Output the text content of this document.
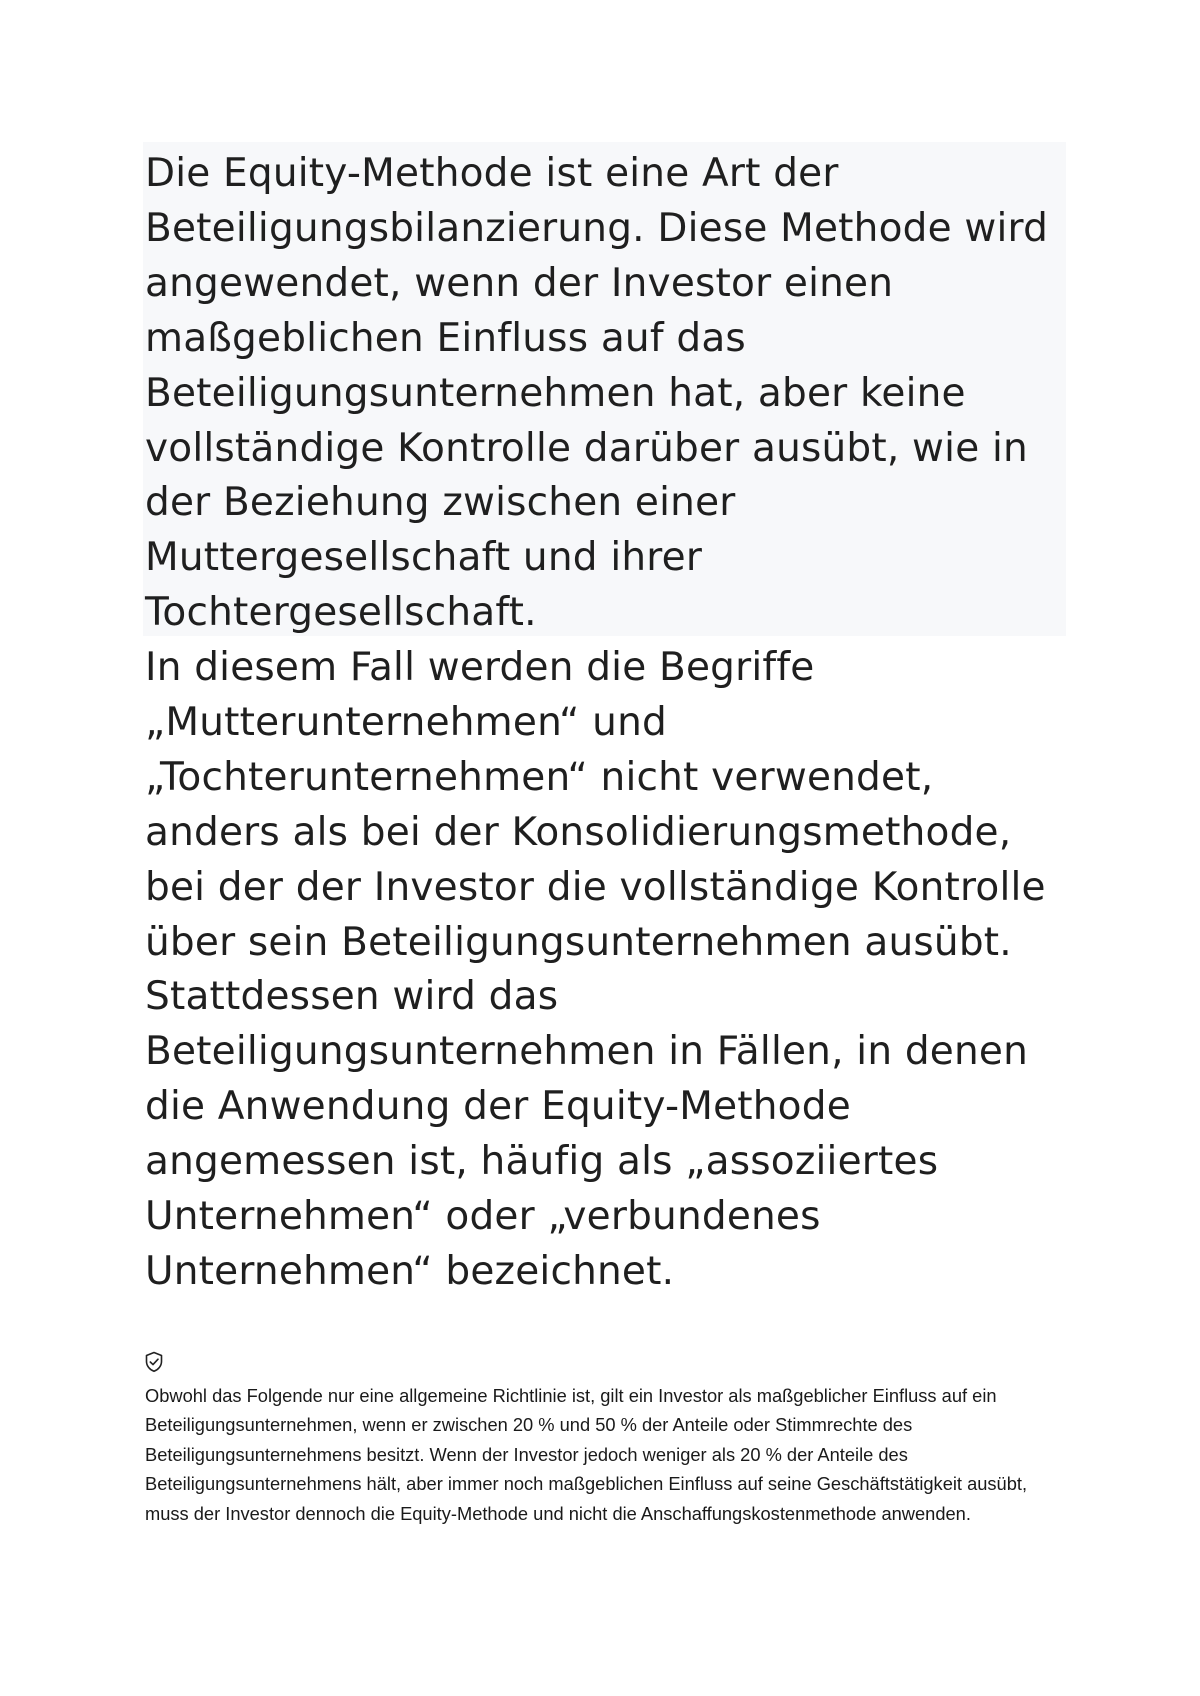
Die Equity-Methode ist eine Art der Beteiligungsbilanzierung. Diese Methode wird angewendet, wenn der Investor einen maßgeblichen Einfluss auf das Beteiligungsunternehmen hat, aber keine vollständige Kontrolle darüber ausübt, wie in der Beziehung zwischen einer Muttergesellschaft und ihrer Tochtergesellschaft.

In diesem Fall werden die Begriffe „Mutterunternehmen“ und „Tochterunternehmen“ nicht verwendet, anders als bei der Konsolidierungsmethode, bei der der Investor die vollständige Kontrolle über sein Beteiligungsunternehmen ausübt. Stattdessen wird das Beteiligungsunternehmen in Fällen, in denen die Anwendung der Equity-Methode angemessen ist, häufig als „assoziiertes Unternehmen“ oder „verbundenes Unternehmen“ bezeichnet.

Obwohl das Folgende nur eine allgemeine Richtlinie ist, gilt ein Investor als maßgeblicher Einfluss auf ein Beteiligungsunternehmen, wenn er zwischen 20 % und 50 % der Anteile oder Stimmrechte des Beteiligungsunternehmens besitzt. Wenn der Investor jedoch weniger als 20 % der Anteile des Beteiligungsunternehmens hält, aber immer noch maßgeblichen Einfluss auf seine Geschäftstätigkeit ausübt, muss der Investor dennoch die Equity-Methode und nicht die Anschaffungskostenmethode anwenden.
